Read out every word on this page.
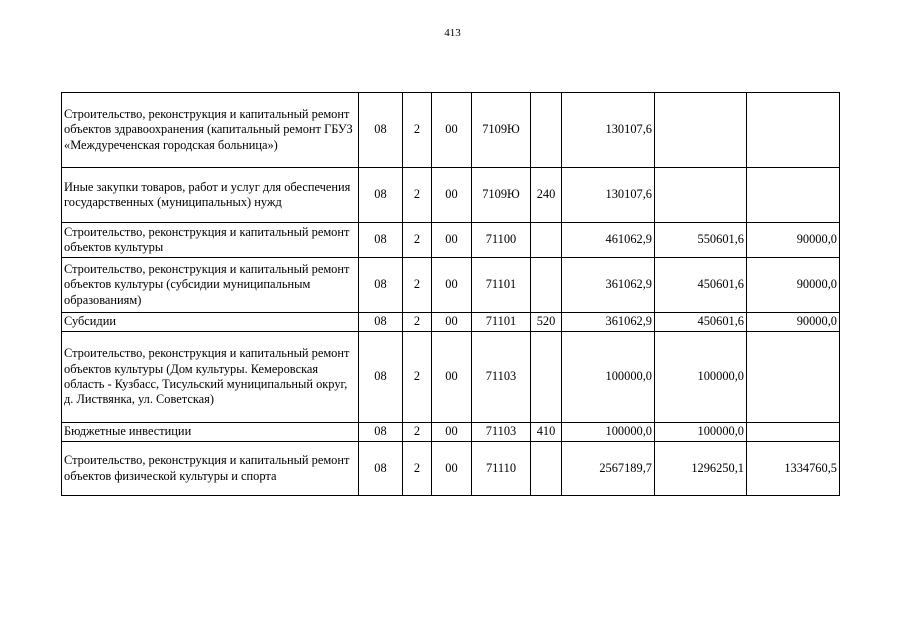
413
Строительство, реконструкция и капитальный ремонт объектов здравоохранения (капитальный ремонт ГБУЗ «Междуреченская городская больница»)	08	2	00	7109Ю		130107,6		
Иные закупки товаров, работ и услуг для обеспечения государственных (муниципальных) нужд	08	2	00	7109Ю	240	130107,6		
Строительство, реконструкция и капитальный ремонт объектов культуры	08	2	00	71100		461062,9	550601,6	90000,0
Строительство, реконструкция и капитальный ремонт объектов культуры (субсидии муниципальным образованиям)	08	2	00	71101		361062,9	450601,6	90000,0
Субсидии	08	2	00	71101	520	361062,9	450601,6	90000,0
Строительство, реконструкция и капитальный ремонт объектов культуры (Дом культуры. Кемеровская область - Кузбасс, Тисульский муниципальный округ, д. Листвянка, ул. Советская)	08	2	00	71103		100000,0	100000,0	
Бюджетные инвестиции	08	2	00	71103	410	100000,0	100000,0	
Строительство, реконструкция и капитальный ремонт объектов физической культуры и спорта	08	2	00	71110		2567189,7	1296250,1	1334760,5
